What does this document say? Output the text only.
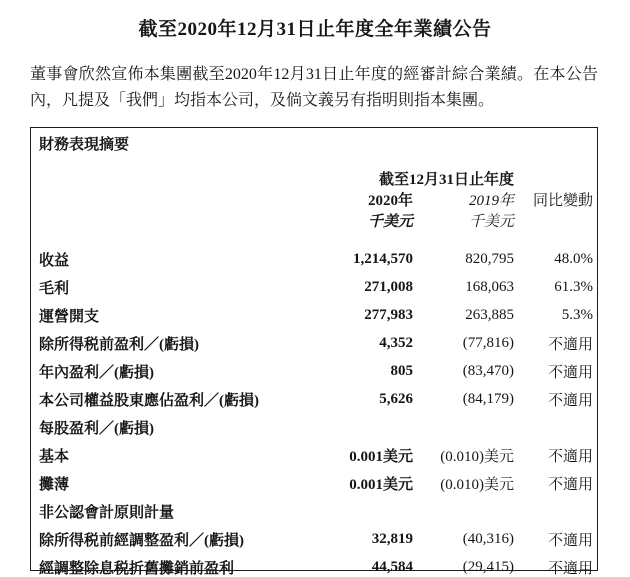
截至2020年12月31日止年度全年業績公告
董事會欣然宣佈本集團截至2020年12月31日止年度的經審計綜合業績。在本公告內，凡提及「我們」均指本公司，及倘文義另有指明則指本集團。
財務表現摘要
	截至12月31日止年度		
	2020年	2019年	同比變動
	千美元	千美元	

收益	1,214,570	820,795	48.0%
毛利	271,008	168,063	61.3%
運營開支	277,983	263,885	5.3%
除所得税前盈利／(虧損)	4,352	(77,816)	不適用
年內盈利／(虧損)	805	(83,470)	不適用
本公司權益股東應佔盈利／(虧損)	5,626	(84,179)	不適用
每股盈利／(虧損)			
基本	0.001美元	(0.010)美元	不適用
攤薄	0.001美元	(0.010)美元	不適用
非公認會計原則計量			
除所得税前經調整盈利／(虧損)	32,819	(40,316)	不適用
經調整除息税折舊攤銷前盈利	44,584	(29,415)	不適用
